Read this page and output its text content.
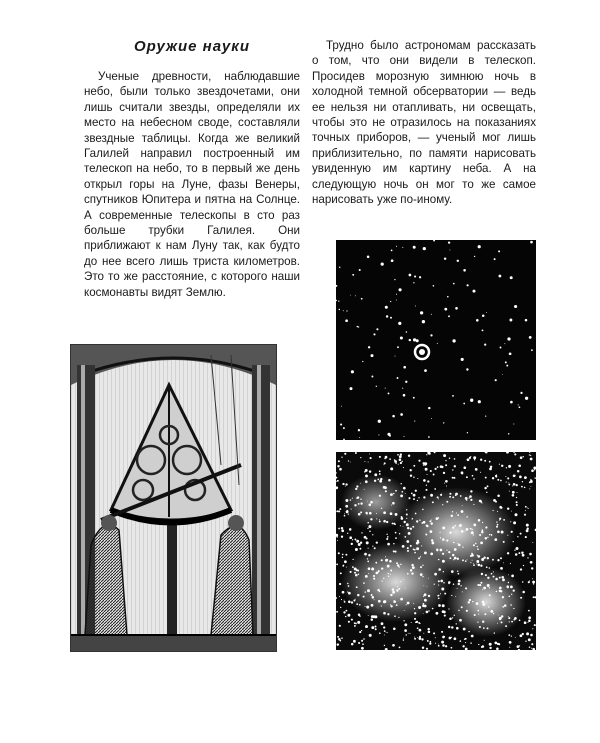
Оружие науки

Ученые древности, наблюдавшие небо, были только звездочетами, они лишь считали звезды, определяли их место на небесном своде, составляли звездные таблицы. Когда же великий Галилей направил построенный им телескоп на небо, то в первый же день открыл горы на Луне, фазы Венеры, спутников Юпитера и пятна на Солнце. А современные телескопы в сто раз больше трубки Галилея. Они приближают к нам Луну так, как будто до нее всего лишь триста километров. Это то же расстояние, с которого наши космонавты видят Землю.

Трудно было астрономам рассказать о том, что они видели в телескоп. Просидев морозную зимнюю ночь в холодной темной обсерватории — ведь ее нельзя ни отапливать, ни освещать, чтобы это не отразилось на показаниях точных приборов, — ученый мог лишь приблизительно, по памяти нарисовать увиденную им картину неба. А на следующую ночь он мог то же самое нарисовать уже по-иному.
